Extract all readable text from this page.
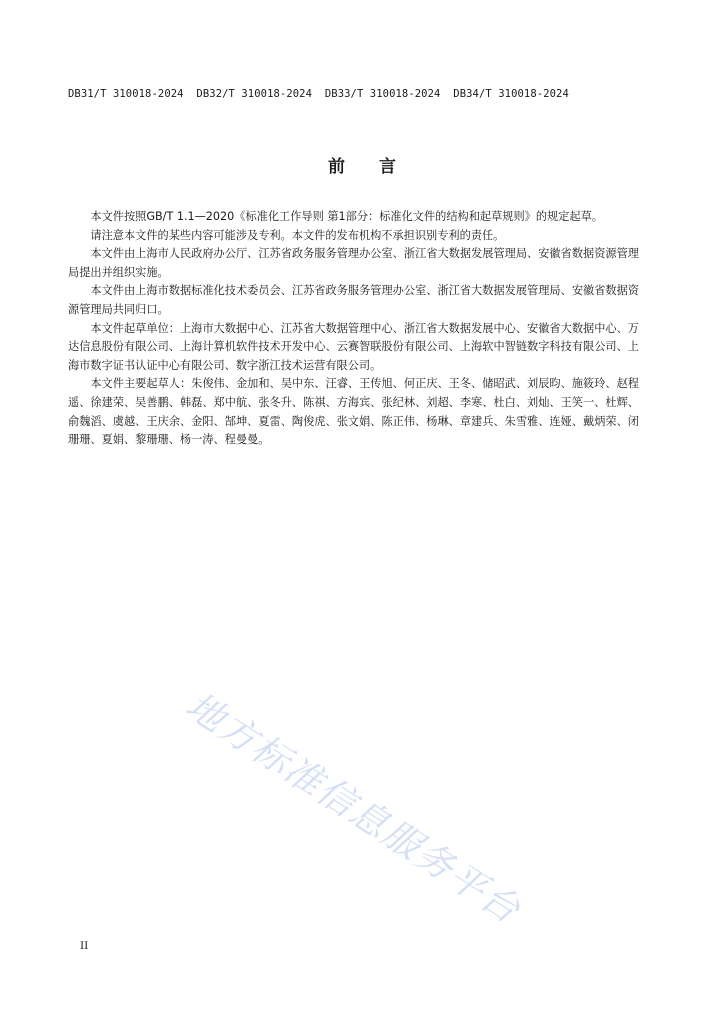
DB31/T 310018-2024  DB32/T 310018-2024  DB33/T 310018-2024  DB34/T 310018-2024
前言

本文件按照GB/T 1.1—2020《标准化工作导则 第1部分：标准化文件的结构和起草规则》的规定起草。

请注意本文件的某些内容可能涉及专利。本文件的发布机构不承担识别专利的责任。

本文件由上海市人民政府办公厅、江苏省政务服务管理办公室、浙江省大数据发展管理局、安徽省数据资源管理局提出并组织实施。

本文件由上海市数据标准化技术委员会、江苏省政务服务管理办公室、浙江省大数据发展管理局、安徽省数据资源管理局共同归口。

本文件起草单位：上海市大数据中心、江苏省大数据管理中心、浙江省大数据发展中心、安徽省大数据中心、万达信息股份有限公司、上海计算机软件技术开发中心、云赛智联股份有限公司、上海软中智链数字科技有限公司、上海市数字证书认证中心有限公司、数字浙江技术运营有限公司。

本文件主要起草人：朱俊伟、金加和、吴中东、汪睿、王传旭、何正庆、王冬、储昭武、刘辰昀、施筱玲、赵程遥、徐建荣、吴善鹏、韩磊、郑中航、张冬升、陈祺、方海宾、张纪林、刘超、李寒、杜白、刘灿、王笑一、杜辉、俞魏滔、虞越、王庆余、金阳、郜坤、夏雷、陶俊虎、张文娟、陈正伟、杨琳、章建兵、朱雪雅、连娅、戴炳荣、闭珊珊、夏娟、黎珊珊、杨一涛、程曼曼。

地方标准信息服务平台
II
